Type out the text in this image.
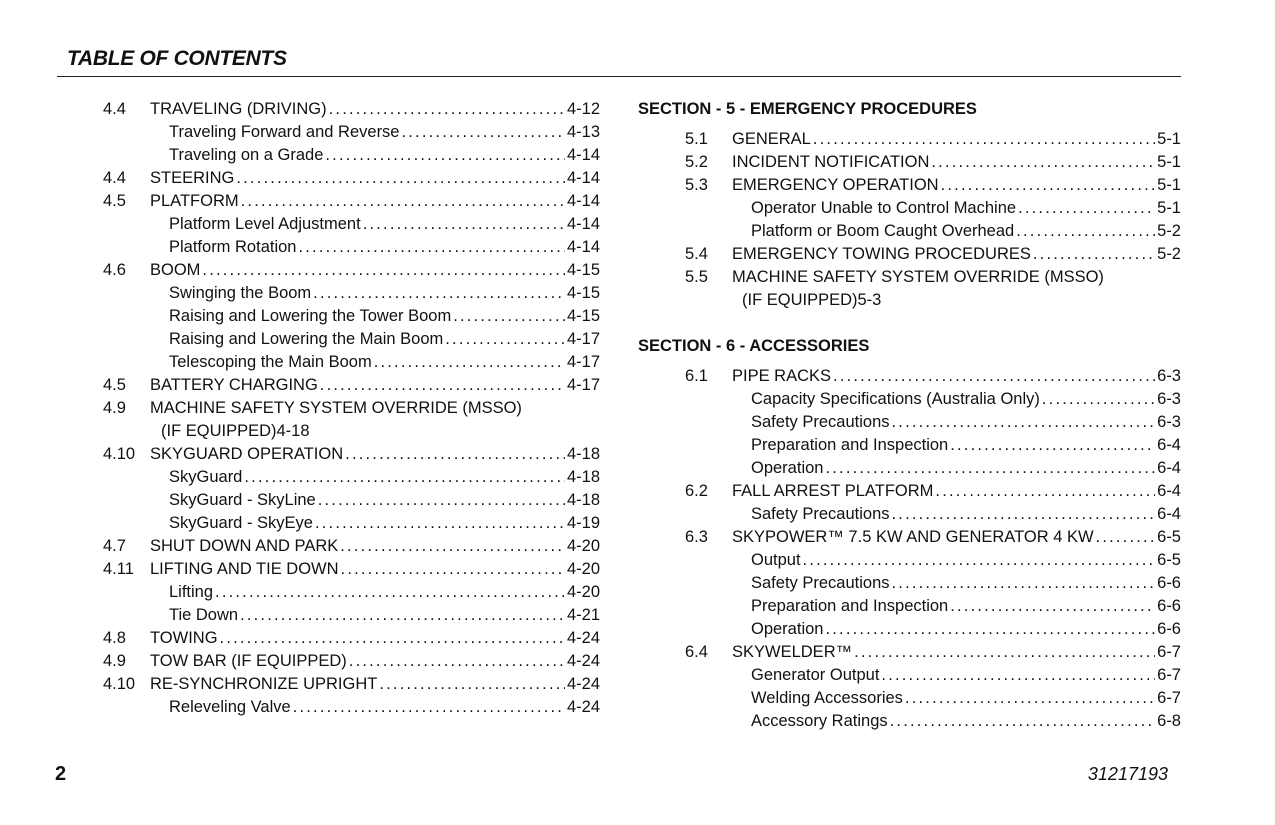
TABLE OF CONTENTS
4.4 TRAVELING (DRIVING) .....	4-12
Traveling Forward and Reverse .....	4-13
Traveling on a Grade .....	4-14
4.4 STEERING .....	4-14
4.5 PLATFORM .....	4-14
Platform Level Adjustment .....	4-14
Platform Rotation .....	4-14
4.6 BOOM .....	4-15
Swinging the Boom .....	4-15
Raising and Lowering the Tower Boom .....	4-15
Raising and Lowering the Main Boom .....	4-17
Telescoping the Main Boom .....	4-17
4.5 BATTERY CHARGING .....	4-17
4.9 MACHINE SAFETY SYSTEM OVERRIDE (MSSO)
(IF EQUIPPED)4-18
4.10 SKYGUARD OPERATION .....	4-18
SkyGuard .....	4-18
SkyGuard - SkyLine .....	4-18
SkyGuard - SkyEye .....	4-19
4.7 SHUT DOWN AND PARK .....	4-20
4.11 LIFTING AND TIE DOWN .....	4-20
Lifting .....	4-20
Tie Down .....	4-21
4.8 TOWING .....	4-24
4.9 TOW BAR (IF EQUIPPED) .....	4-24
4.10 RE-SYNCHRONIZE UPRIGHT .....	4-24
Releveling Valve .....	4-24
SECTION - 5 - EMERGENCY PROCEDURES
5.1 GENERAL .....	5-1
5.2 INCIDENT NOTIFICATION .....	5-1
5.3 EMERGENCY OPERATION .....	5-1
Operator Unable to Control Machine .....	5-1
Platform or Boom Caught Overhead .....	5-2
5.4 EMERGENCY TOWING PROCEDURES .....	5-2
5.5 MACHINE SAFETY SYSTEM OVERRIDE (MSSO)
(IF EQUIPPED)5-3
SECTION - 6 - ACCESSORIES
6.1 PIPE RACKS .....	6-3
Capacity Specifications (Australia Only) .....	6-3
Safety Precautions .....	6-3
Preparation and Inspection .....	6-4
Operation .....	6-4
6.2 FALL ARREST PLATFORM .....	6-4
Safety Precautions .....	6-4
6.3 SKYPOWER™ 7.5 KW AND GENERATOR 4 KW .....	6-5
Output .....	6-5
Safety Precautions .....	6-6
Preparation and Inspection .....	6-6
Operation .....	6-6
6.4 SKYWELDER™ .....	6-7
Generator Output .....	6-7
Welding Accessories .....	6-7
Accessory Ratings .....	6-8
2	31217193
